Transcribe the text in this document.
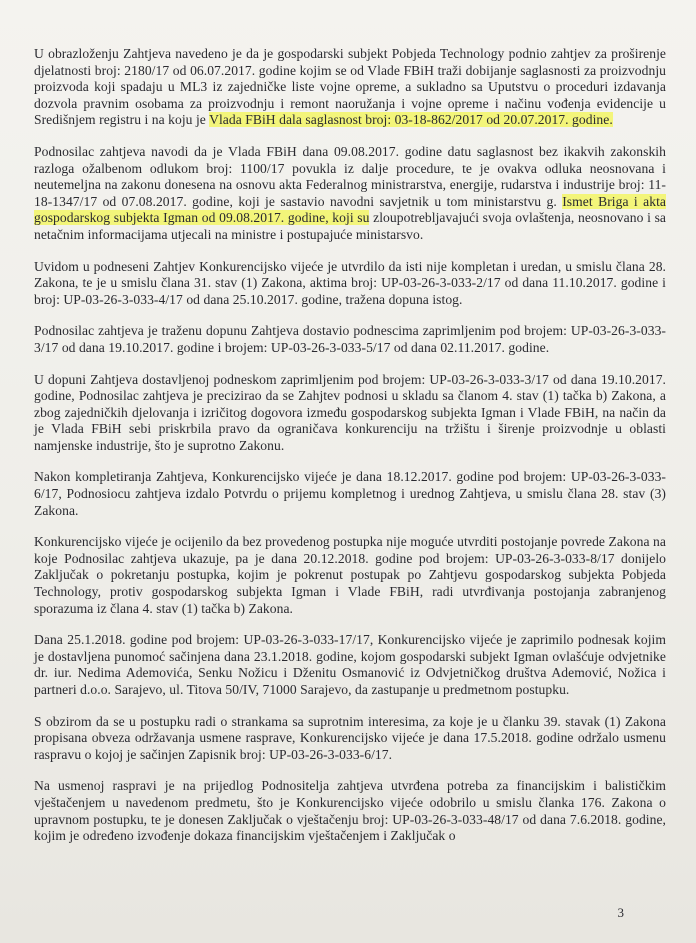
U obrazloženju Zahtjeva navedeno je da je gospodarski subjekt Pobjeda Technology podnio zahtjev za proširenje djelatnosti broj: 2180/17 od 06.07.2017. godine kojim se od Vlade FBiH traži dobijanje saglasnosti za proizvodnju proizvoda koji spadaju u ML3 iz zajedničke liste vojne opreme, a sukladno sa Uputstvu o proceduri izdavanja dozvola pravnim osobama za proizvodnju i remont naoružanja i vojne opreme i načinu vođenja evidencije u Središnjem registru i na koju je Vlada FBiH dala saglasnost broj: 03-18-862/2017 od 20.07.2017. godine.

Podnosilac zahtjeva navodi da je Vlada FBiH dana 09.08.2017. godine datu saglasnost bez ikakvih zakonskih razloga ožalbenom odlukom broj: 1100/17 povukla iz dalje procedure, te je ovakva odluka neosnovana i neutemeljna na zakonu donesena na osnovu akta Federalnog ministrarstva, energije, rudarstva i industrije broj: 11-18-1347/17 od 07.08.2017. godine, koji je sastavio navodni savjetnik u tom ministarstvu g. Ismet Briga i akta gospodarskog subjekta Igman od 09.08.2017. godine, koji su zloupotrebljavajući svoja ovlaštenja, neosnovano i sa netačnim informacijama utjecali na ministre i postupajuće ministarsvo.

Uvidom u podneseni Zahtjev Konkurencijsko vijeće je utvrdilo da isti nije kompletan i uredan, u smislu člana 28. Zakona, te je u smislu člana 31. stav (1) Zakona, aktima broj: UP-03-26-3-033-2/17 od dana 11.10.2017. godine i broj: UP-03-26-3-033-4/17 od dana 25.10.2017. godine, tražena dopuna istog.

Podnosilac zahtjeva je traženu dopunu Zahtjeva dostavio podnescima zaprimljenim pod brojem: UP-03-26-3-033-3/17 od dana 19.10.2017. godine i brojem: UP-03-26-3-033-5/17 od dana 02.11.2017. godine.

U dopuni Zahtjeva dostavljenoj podneskom zaprimljenim pod brojem: UP-03-26-3-033-3/17 od dana 19.10.2017. godine, Podnosilac zahtjeva je precizirao da se Zahjtev podnosi u skladu sa članom 4. stav (1) tačka b) Zakona, a zbog zajedničkih djelovanja i izričitog dogovora između gospodarskog subjekta Igman i Vlade FBiH, na način da je Vlada FBiH sebi priskrbila pravo da ograničava konkurenciju na tržištu i širenje proizvodnje u oblasti namjenske industrije, što je suprotno Zakonu.

Nakon kompletiranja Zahtjeva, Konkurencijsko vijeće je dana 18.12.2017. godine pod brojem: UP-03-26-3-033-6/17, Podnosiocu zahtjeva izdalo Potvrdu o prijemu kompletnog i urednog Zahtjeva, u smislu člana 28. stav (3) Zakona.

Konkurencijsko vijeće je ocijenilo da bez provedenog postupka nije moguće utvrditi postojanje povrede Zakona na koje Podnosilac zahtjeva ukazuje, pa je dana 20.12.2018. godine pod brojem: UP-03-26-3-033-8/17 donijelo Zaključak o pokretanju postupka, kojim je pokrenut postupak po Zahtjevu gospodarskog subjekta Pobjeda Technology, protiv gospodarskog subjekta Igman i Vlade FBiH, radi utvrđivanja postojanja zabranjenog sporazuma iz člana 4. stav (1) tačka b) Zakona.

Dana 25.1.2018. godine pod brojem: UP-03-26-3-033-17/17, Konkurencijsko vijeće je zaprimilo podnesak kojim je dostavljena punomoć sačinjena dana 23.1.2018. godine, kojom gospodarski subjekt Igman ovlašćuje odvjetnike dr. iur. Nedima Ademovića, Senku Nožicu i Dženitu Osmanović iz Odvjetničkog društva Ademović, Nožica i partneri d.o.o. Sarajevo, ul. Titova 50/IV, 71000 Sarajevo, da zastupanje u predmetnom postupku.

S obzirom da se u postupku radi o strankama sa suprotnim interesima, za koje je u članku 39. stavak (1) Zakona propisana obveza održavanja usmene rasprave, Konkurencijsko vijeće je dana 17.5.2018. godine održalo usmenu raspravu o kojoj je sačinjen Zapisnik broj: UP-03-26-3-033-6/17.

Na usmenoj raspravi je na prijedlog Podnositelja zahtjeva utvrđena potreba za financijskim i balističkim vještačenjem u navedenom predmetu, što je Konkurencijsko vijeće odobrilo u smislu članka 176. Zakona o upravnom postupku, te je donesen Zaključak o vještačenju broj: UP-03-26-3-033-48/17 od dana 7.6.2018. godine, kojim je određeno izvođenje dokaza financijskim vještačenjem i Zaključak o

3
